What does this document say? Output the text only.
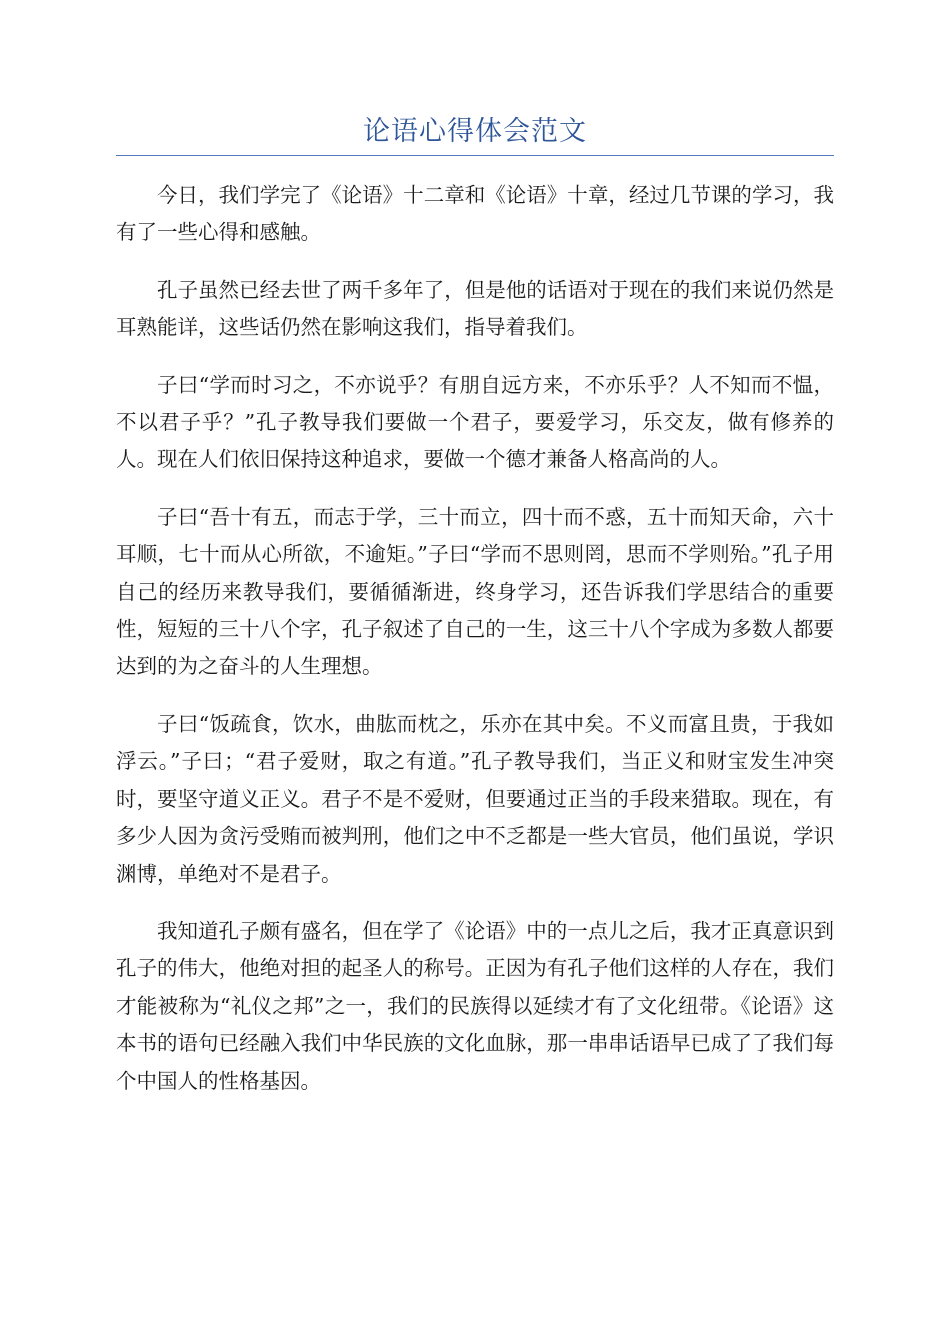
论语心得体会范文

今日，我们学完了《论语》十二章和《论语》十章，经过几节课的学习，我有了一些心得和感触。

孔子虽然已经去世了两千多年了，但是他的话语对于现在的我们来说仍然是耳熟能详，这些话仍然在影响这我们，指导着我们。

子曰“学而时习之，不亦说乎？有朋自远方来，不亦乐乎？人不知而不愠，不以君子乎？”孔子教导我们要做一个君子，要爱学习，乐交友，做有修养的人。现在人们依旧保持这种追求，要做一个德才兼备人格高尚的人。

子曰“吾十有五，而志于学，三十而立，四十而不惑，五十而知天命，六十耳顺，七十而从心所欲，不逾矩。”子曰“学而不思则罔，思而不学则殆。”孔子用自己的经历来教导我们，要循循渐进，终身学习，还告诉我们学思结合的重要性，短短的三十八个字，孔子叙述了自己的一生，这三十八个字成为多数人都要达到的为之奋斗的人生理想。

子曰“饭疏食，饮水，曲肱而枕之，乐亦在其中矣。不义而富且贵，于我如浮云。”子曰；“君子爱财，取之有道。”孔子教导我们，当正义和财宝发生冲突时，要坚守道义正义。君子不是不爱财，但要通过正当的手段来猎取。现在，有多少人因为贪污受贿而被判刑，他们之中不乏都是一些大官员，他们虽说，学识渊博，单绝对不是君子。

我知道孔子颇有盛名，但在学了《论语》中的一点儿之后，我才正真意识到孔子的伟大，他绝对担的起圣人的称号。正因为有孔子他们这样的人存在，我们才能被称为“礼仪之邦”之一，我们的民族得以延续才有了文化纽带。《论语》这本书的语句已经融入我们中华民族的文化血脉，那一串串话语早已成了了我们每个中国人的性格基因。
